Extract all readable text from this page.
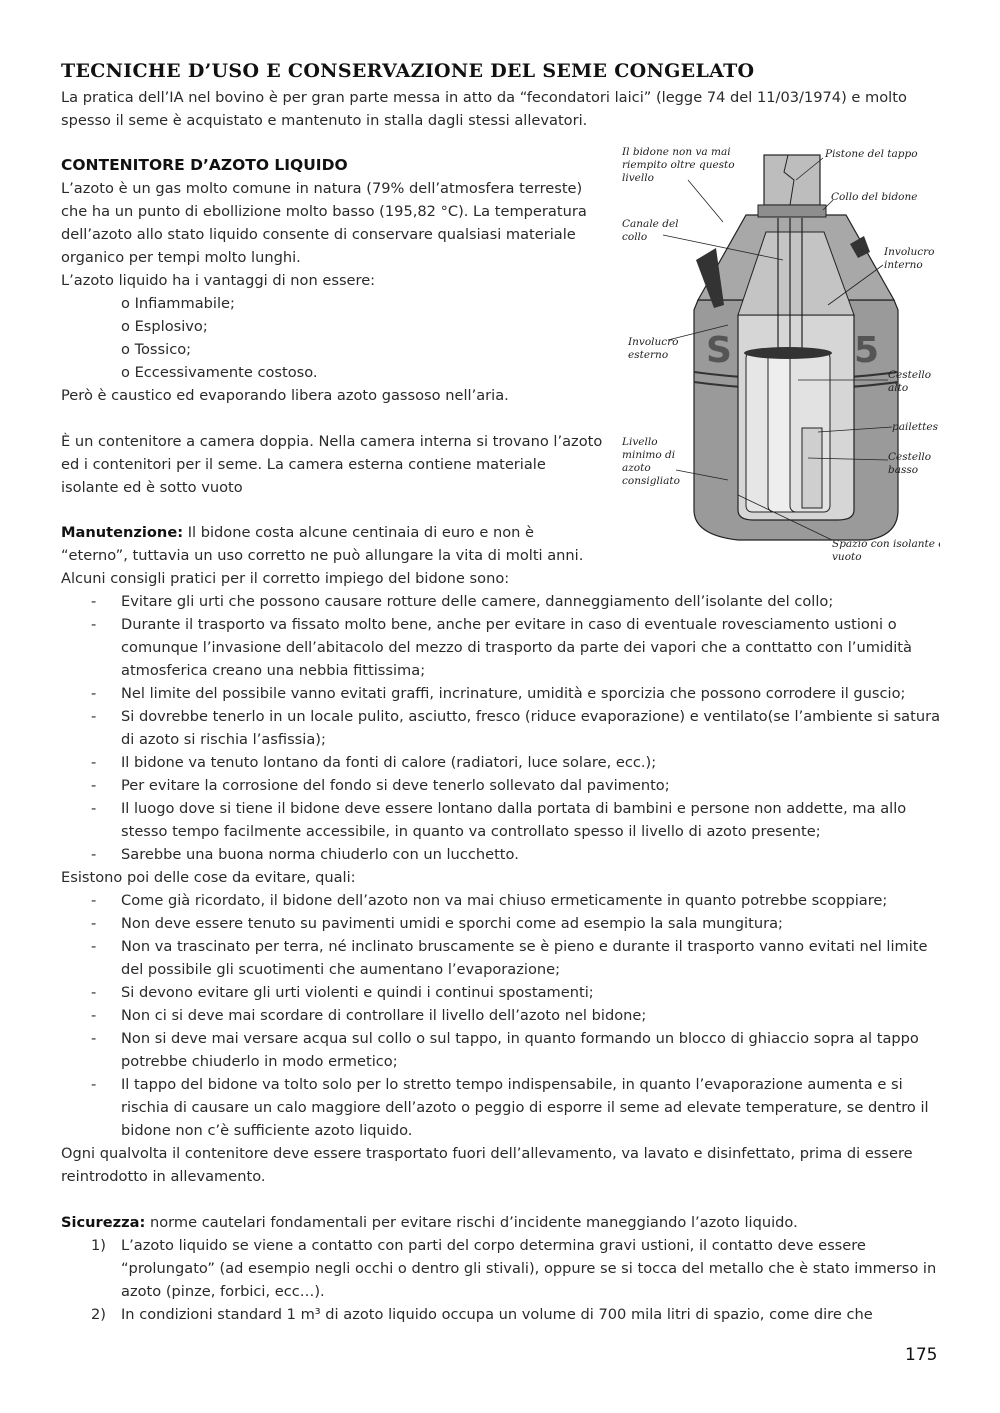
TECNICHE D’USO E CONSERVAZIONE DEL SEME CONGELATO

La pratica dell’IA nel bovino è per gran parte messa in atto da “fecondatori laici” (legge 74 del 11/03/1974) e molto spesso il seme è acquistato e mantenuto in stalla dagli stessi allevatori.

CONTENITORE D’AZOTO LIQUIDO

L’azoto è un gas molto comune in natura (79% dell’atmosfera terreste) che ha un punto di ebollizione molto basso (195,82 °C). La temperatura dell’azoto allo stato liquido consente di conservare qualsiasi materiale organico per tempi molto lunghi.

L’azoto liquido ha i vantaggi di non essere:

o Infiammabile;
o Esplosivo;
o Tossico;
o Eccessivamente costoso.

Però è caustico ed evaporando libera azoto gassoso nell’aria.

È un contenitore a camera doppia. Nella camera interna si trovano l’azoto ed i contenitori per il seme. La camera esterna contiene materiale isolante ed è sotto vuoto

S	5
Il bidone non va mai riempito oltre questo livello
Pistone del tappo
Collo del bidone
Canale del collo
Involucro interno
Involucro esterno
Cestello alto
pailettes
Cestello basso
Livello minimo di azoto consigliato
Spazio con isolante e vuoto

Manutenzione: Il bidone costa alcune centinaia di euro e non è “eterno”, tuttavia un uso corretto ne può allungare la vita di molti anni.

Alcuni consigli pratici per il corretto impiego del bidone sono:

- Evitare gli urti che possono causare rotture delle camere, danneggiamento dell’isolante del collo;
- Durante il trasporto va fissato molto bene, anche per evitare in caso di eventuale rovesciamento ustioni o comunque l’invasione dell’abitacolo del mezzo di trasporto da parte dei vapori che a conttatto con l’umidità atmosferica creano una nebbia fittissima;
- Nel limite del possibile vanno evitati graffi, incrinature, umidità e sporcizia che possono corrodere il guscio;
- Si dovrebbe tenerlo in un locale pulito, asciutto, fresco (riduce evaporazione) e ventilato(se l’ambiente si satura di azoto si rischia l’asfissia);
- Il bidone va tenuto lontano da fonti di calore (radiatori, luce solare, ecc.);
- Per evitare la corrosione del fondo si deve tenerlo sollevato dal pavimento;
- Il luogo dove si tiene il bidone deve essere lontano dalla portata di bambini e persone non addette, ma allo stesso tempo facilmente accessibile, in quanto va controllato spesso il livello di azoto presente;
- Sarebbe una buona norma chiuderlo con un lucchetto.

Esistono poi delle cose da evitare, quali:

- Come già ricordato, il bidone dell’azoto non va mai chiuso ermeticamente in quanto potrebbe scoppiare;
- Non deve essere tenuto su pavimenti umidi e sporchi come ad esempio la sala mungitura;
- Non va trascinato per terra, né inclinato bruscamente se è pieno e durante il trasporto vanno evitati nel limite del possibile gli scuotimenti che aumentano l’evaporazione;
- Si devono evitare gli urti violenti e quindi i continui spostamenti;
- Non ci si deve mai scordare di controllare il livello dell’azoto nel bidone;
- Non si deve mai versare acqua sul collo o sul tappo, in quanto formando un blocco di ghiaccio sopra al tappo potrebbe chiuderlo in modo ermetico;
- Il tappo del bidone va tolto solo per lo stretto tempo indispensabile, in quanto l’evaporazione aumenta e si rischia di causare un calo maggiore dell’azoto o peggio di esporre il seme ad elevate temperature, se dentro il bidone non c’è sufficiente azoto liquido.

Ogni qualvolta il contenitore deve essere trasportato fuori dell’allevamento, va lavato e disinfettato, prima di essere reintrodotto in allevamento.

Sicurezza: norme cautelari fondamentali per evitare rischi d’incidente maneggiando l’azoto liquido.

1) L’azoto liquido se viene a contatto con parti del corpo determina gravi ustioni, il contatto deve essere “prolungato” (ad esempio negli occhi o dentro gli stivali), oppure se si tocca del metallo che è stato immerso in azoto (pinze, forbici, ecc…).
2) In condizioni standard 1 m³ di azoto liquido occupa un volume di 700 mila litri di spazio, come dire che
175
